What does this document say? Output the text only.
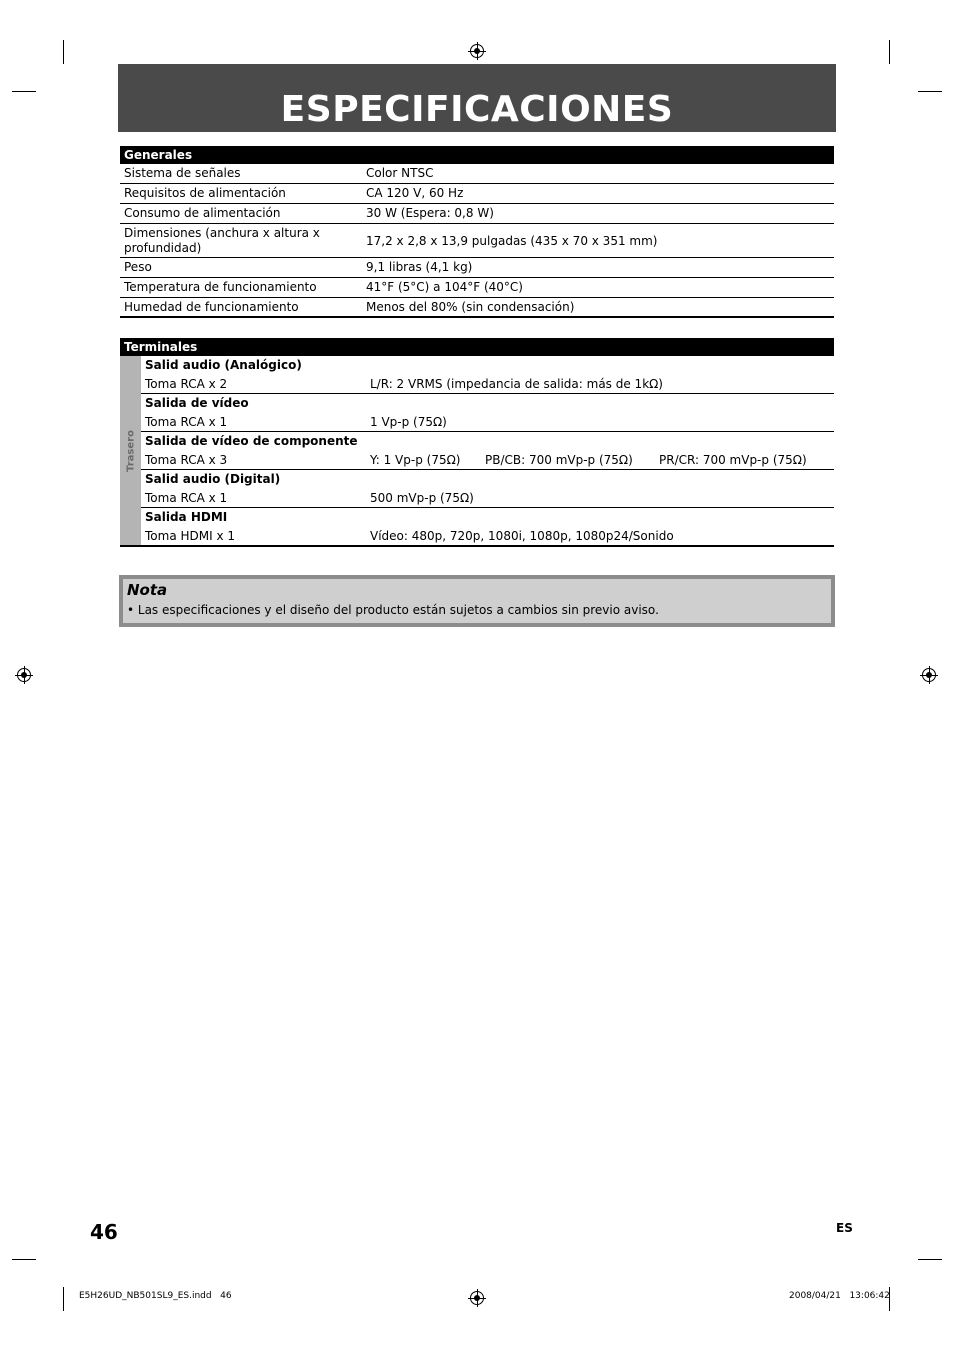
ESPECIFICACIONES
Generales
Sistema de señales	Color NTSC
Requisitos de alimentación	CA 120 V, 60 Hz
Consumo de alimentación	30 W (Espera: 0,8 W)
Dimensiones (anchura x altura x profundidad)	17,2 x 2,8 x 13,9 pulgadas (435 x 70 x 351 mm)
Peso	9,1 libras (4,1 kg)
Temperatura de funcionamiento	41°F (5°C) a 104°F (40°C)
Humedad de funcionamiento	Menos del 80% (sin condensación)
Terminales
Trasero
Salid audio (Analógico)
Toma RCA x 2	L/R: 2 VRMS (impedancia de salida: más de 1kΩ)
Salida de vídeo
Toma RCA x 1	1 Vp-p (75Ω)
Salida de vídeo de componente
Toma RCA x 3	Y: 1 Vp-p (75Ω)	PB/CB: 700 mVp-p (75Ω)	PR/CR: 700 mVp-p (75Ω)
Salid audio (Digital)
Toma RCA x 1	500 mVp-p (75Ω)
Salida HDMI
Toma HDMI x 1	Vídeo: 480p, 720p, 1080i, 1080p, 1080p24/Sonido
Nota
• Las especificaciones y el diseño del producto están sujetos a cambios sin previo aviso.
46	ES
E5H26UD_NB501SL9_ES.indd   46	2008/04/21   13:06:42
